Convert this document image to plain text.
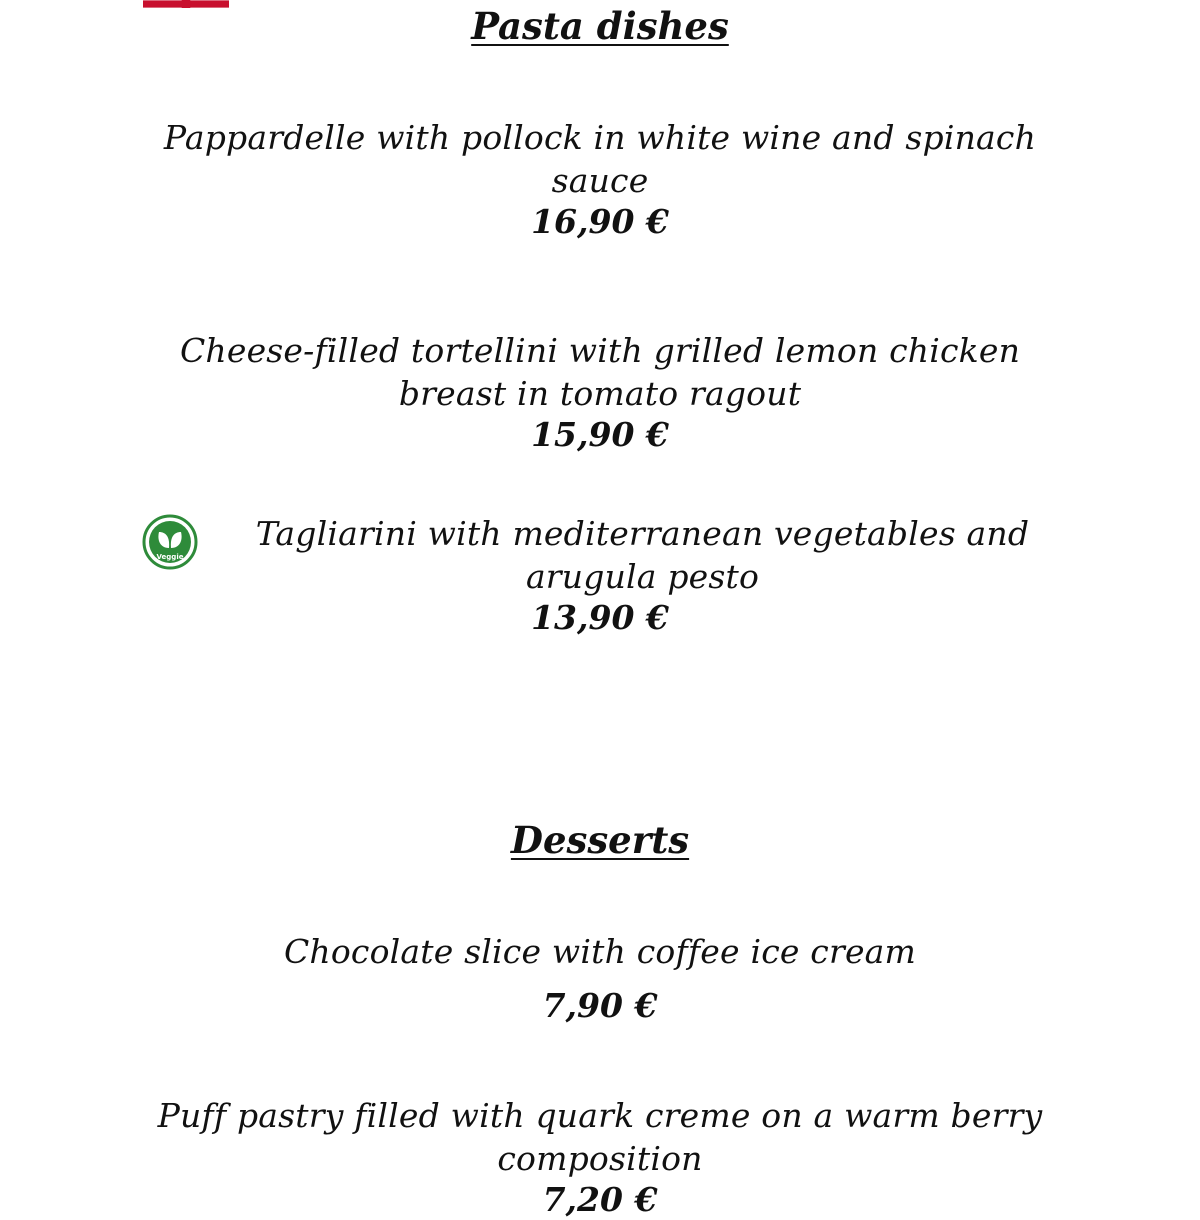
Pasta dishes
Pappardelle with pollock in white wine and spinach
sauce
16,90 €
Cheese-filled tortellini with grilled lemon chicken
breast in tomato ragout
15,90 €
Veggie
Tagliarini with mediterranean vegetables and
arugula pesto
13,90 €
Desserts
Chocolate slice with coffee ice cream
7,90 €
Puff pastry filled with quark creme on a warm berry
composition
7,20 €
